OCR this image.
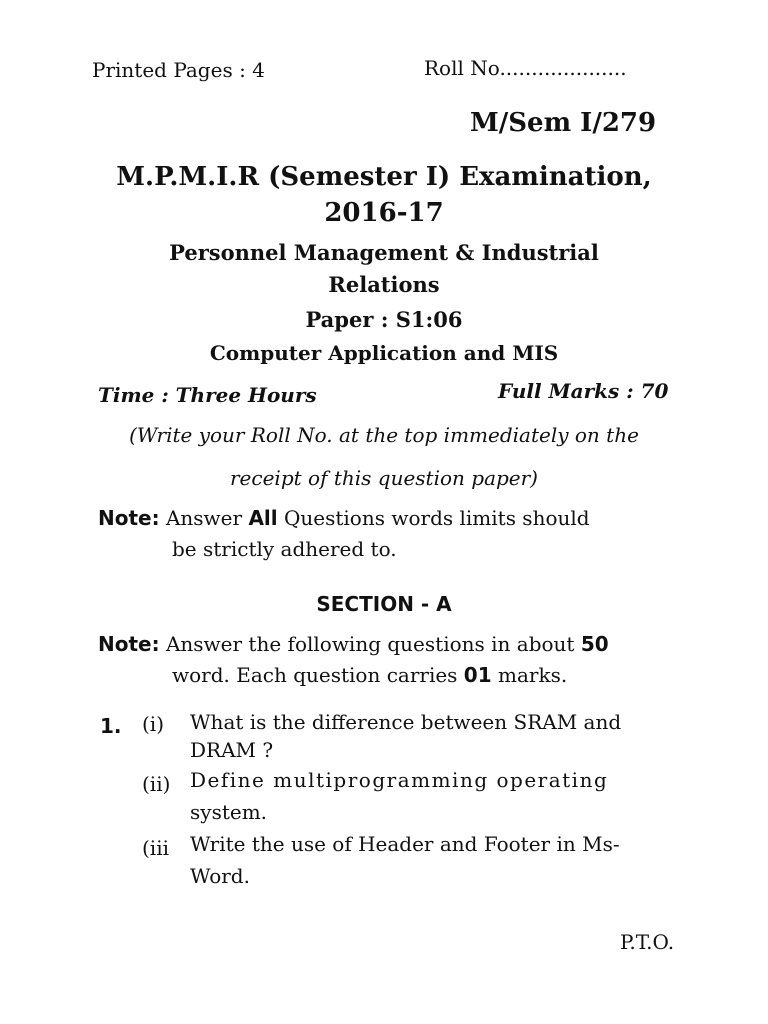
Printed Pages : 4	Roll No....................
M/Sem I/279
M.P.M.I.R (Semester I) Examination,
2016-17
Personnel Management & Industrial
Relations
Paper : S1:06
Computer Application and MIS
Time : Three Hours	Full Marks : 70
(Write your Roll No. at the top immediately on the
receipt of this question paper)
Note: Answer All Questions words limits should
be strictly adhered to.
SECTION - A
Note: Answer the following questions in about 50
word. Each question carries 01 marks.
1. (i) What is the difference between SRAM and
DRAM ?
(ii) Define multiprogramming operating
system.
(iii Write the use of Header and Footer in Ms-
Word.
P.T.O.
